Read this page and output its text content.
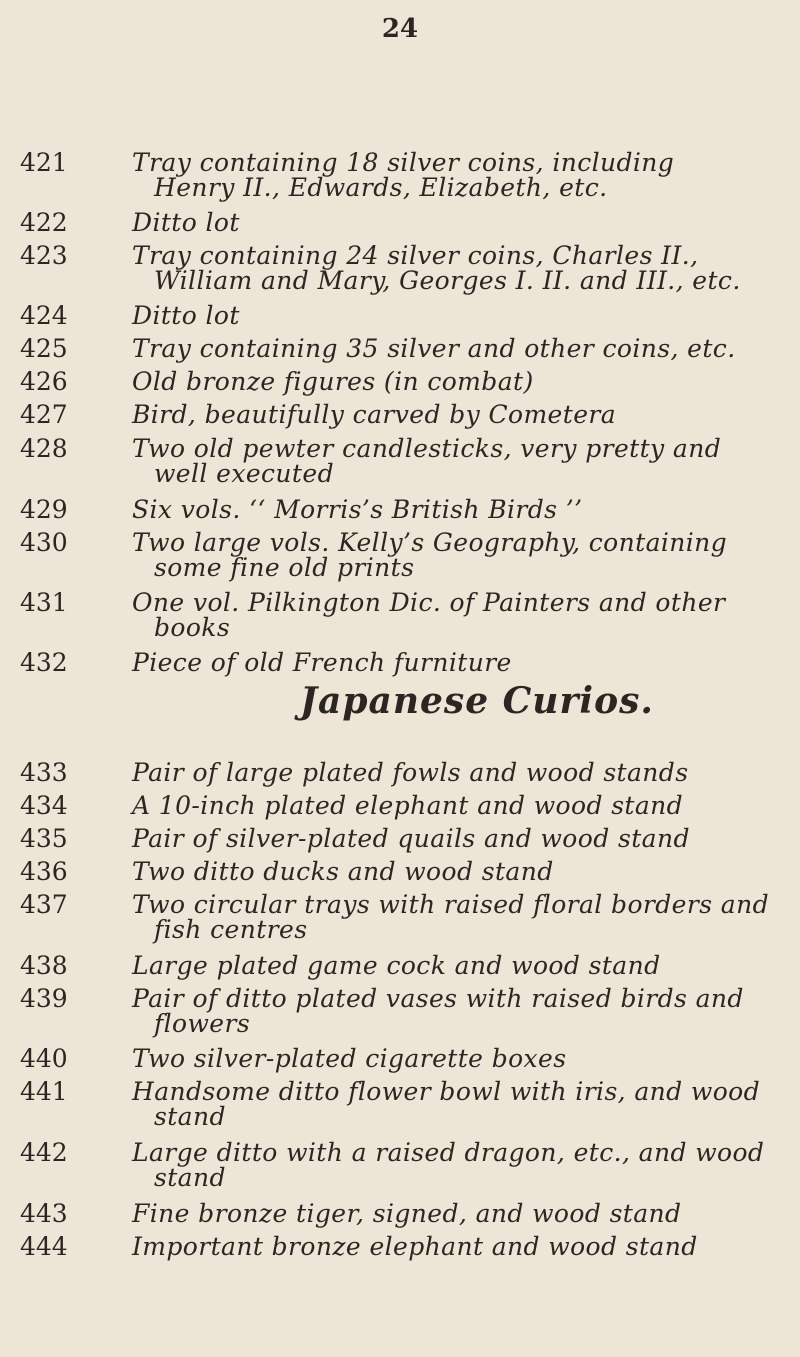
24
421	Tray containing 18 silver coins, including
Henry II., Edwards, Elizabeth, etc.
422	Ditto lot
423	Tray containing 24 silver coins, Charles II.,
William and Mary, Georges I. II. and III., etc.
424	Ditto lot
425	Tray containing 35 silver and other coins, etc.
426	Old bronze figures (in combat)
427	Bird, beautifully carved by Cometera
428	Two old pewter candlesticks, very pretty and
well executed
429	Six vols. ‘‘ Morris’s British Birds ’’
430	Two large vols. Kelly’s Geography, containing
some fine old prints
431	One vol. Pilkington Dic. of Painters and other
books
432	Piece of old French furniture
Japanese Curios.
433	Pair of large plated fowls and wood stands
434	A 10-inch plated elephant and wood stand
435	Pair of silver-plated quails and wood stand
436	Two ditto ducks and wood stand
437	Two circular trays with raised floral borders and
fish centres
438	Large plated game cock and wood stand
439	Pair of ditto plated vases with raised birds and
flowers
440	Two silver-plated cigarette boxes
441	Handsome ditto flower bowl with iris, and wood
stand
442	Large ditto with a raised dragon, etc., and wood
stand
443	Fine bronze tiger, signed, and wood stand
444	Important bronze elephant and wood stand
